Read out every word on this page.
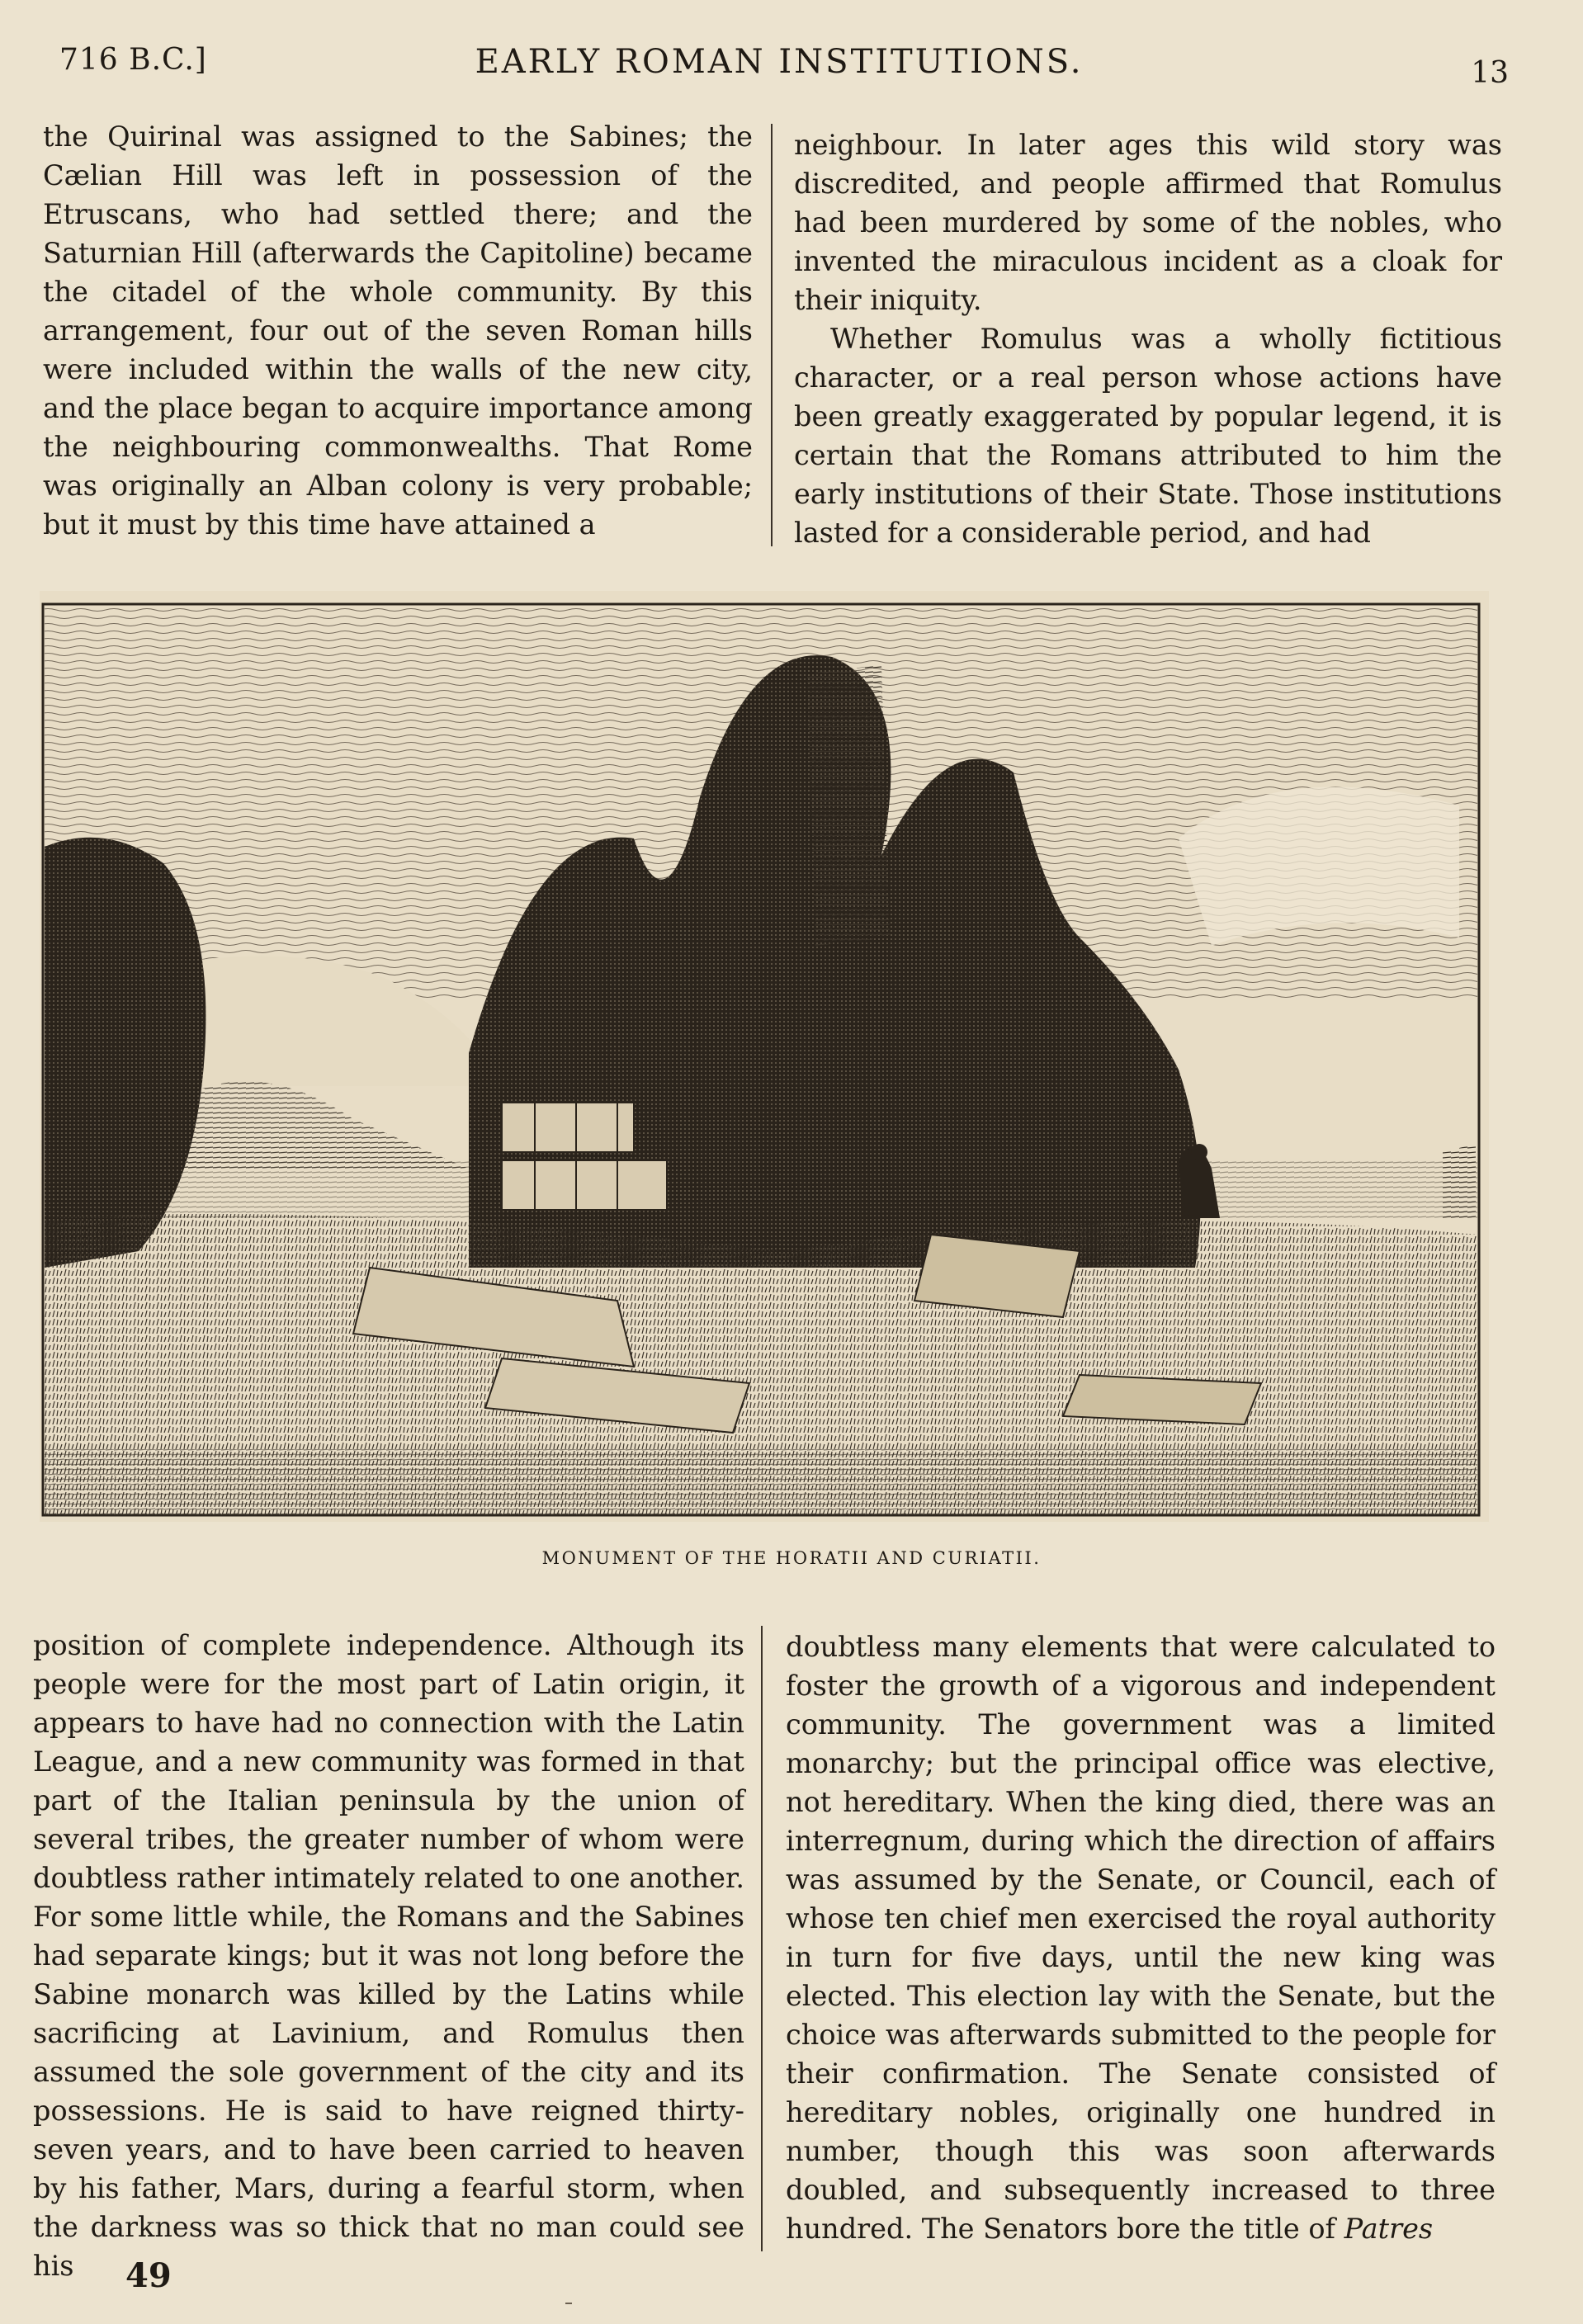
716 B.C.]	EARLY ROMAN INSTITUTIONS.	13

the Quirinal was assigned to the Sabines; the Cælian Hill was left in possession of the Etruscans, who had settled there; and the Saturnian Hill (afterwards the Capitoline) became the citadel of the whole community. By this arrangement, four out of the seven Roman hills were included within the walls of the new city, and the place began to acquire importance among the neighbouring commonwealths. That Rome was originally an Alban colony is very probable; but it must by this time have attained a

neighbour. In later ages this wild story was discredited, and people affirmed that Romulus had been murdered by some of the nobles, who invented the miraculous incident as a cloak for their iniquity.

Whether Romulus was a wholly fictitious character, or a real person whose actions have been greatly exaggerated by popular legend, it is certain that the Romans attributed to him the early institutions of their State. Those institutions lasted for a considerable period, and had

MONUMENT OF THE HORATII AND CURIATII.

position of complete independence. Although its people were for the most part of Latin origin, it appears to have had no connection with the Latin League, and a new community was formed in that part of the Italian peninsula by the union of several tribes, the greater number of whom were doubtless rather intimately related to one another. For some little while, the Romans and the Sabines had separate kings; but it was not long before the Sabine monarch was killed by the Latins while sacrificing at Lavinium, and Romulus then assumed the sole government of the city and its possessions. He is said to have reigned thirty-seven years, and to have been carried to heaven by his father, Mars, during a fearful storm, when the darkness was so thick that no man could see his

doubtless many elements that were calculated to foster the growth of a vigorous and independent community. The government was a limited monarchy; but the principal office was elective, not hereditary. When the king died, there was an interregnum, during which the direction of affairs was assumed by the Senate, or Council, each of whose ten chief men exercised the royal authority in turn for five days, until the new king was elected. This election lay with the Senate, but the choice was afterwards submitted to the people for their confirmation. The Senate consisted of hereditary nobles, originally one hundred in number, though this was soon afterwards doubled, and subsequently increased to three hundred. The Senators bore the title of Patres

49
